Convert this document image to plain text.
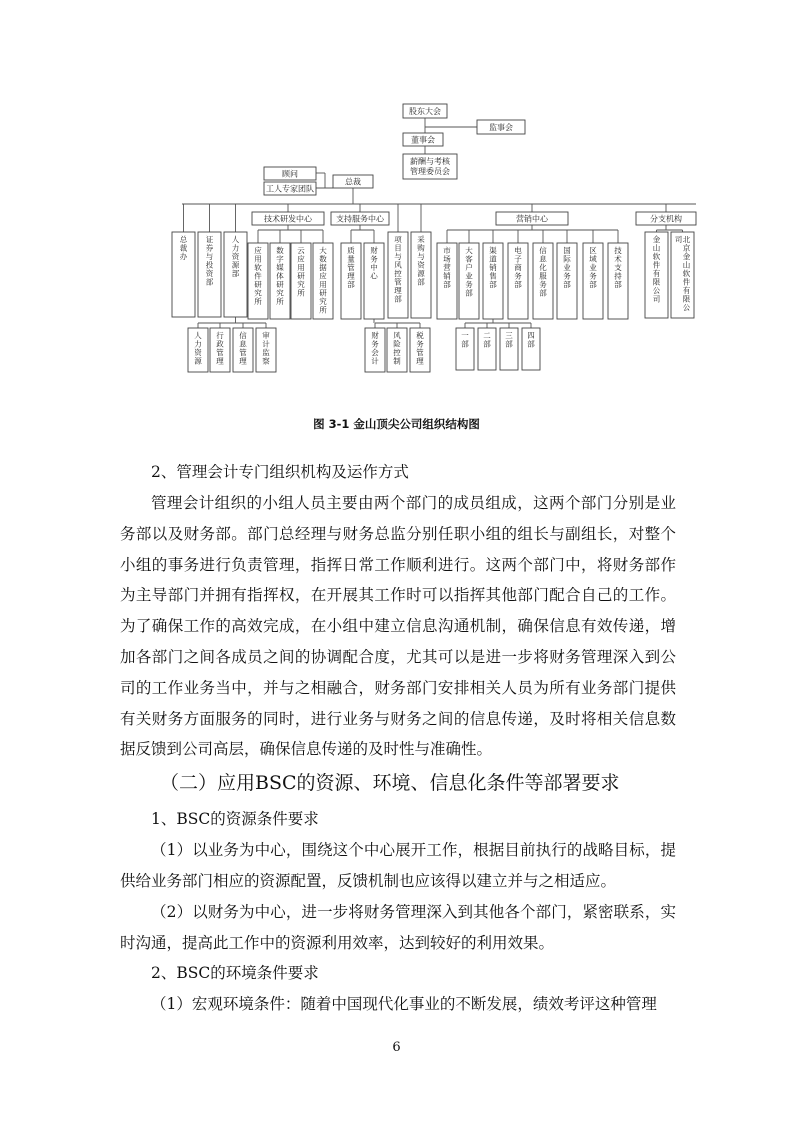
股东大会
监事会
董事会
薪酬与考核
管理委员会
顾问
工人专家团队
总裁
技术研发中心	支持服务中心	营销中心	分支机构
总
裁
办
证
券
与
投
资
部
人
力
资
源
部
应
用
软
件
研
究
所
数
字
媒
体
研
究
所
云
应
用
研
究
所
大
数
据
应
用
研
究
所
质
量
管
理
部
财
务
中
心
项
目
与
风
控
管
理
部
采
购
与
资
源
部
市
场
营
销
部
大
客
户
业
务
部
渠
道
销
售
部
电
子
商
务
部
信
息
化
服
务
部
国
际
业
务
部
区
域
业
务
部
技
术
支
持
部
金
山
软
件
有
限
公
司
北
京
金
山
软
件
有
限
公
司
人
力
资
源
行
政
管
理
信
息
管
理
审
计
监
察
财
务
会
计
风
险
控
制
税
务
管
理
一
部
二
部
三
部
四
部
图 3-1 金山顶尖公司组织结构图

2、管理会计专门组织机构及运作方式

管理会计组织的小组人员主要由两个部门的成员组成，这两个部门分别是业务部以及财务部。部门总经理与财务总监分别任职小组的组长与副组长，对整个小组的事务进行负责管理，指挥日常工作顺利进行。这两个部门中，将财务部作为主导部门并拥有指挥权，在开展其工作时可以指挥其他部门配合自己的工作。为了确保工作的高效完成，在小组中建立信息沟通机制，确保信息有效传递，增加各部门之间各成员之间的协调配合度，尤其可以是进一步将财务管理深入到公司的工作业务当中，并与之相融合，财务部门安排相关人员为所有业务部门提供有关财务方面服务的同时，进行业务与财务之间的信息传递，及时将相关信息数据反馈到公司高层，确保信息传递的及时性与准确性。

（二）应用BSC的资源、环境、信息化条件等部署要求

1、BSC的资源条件要求

（1）以业务为中心，围绕这个中心展开工作，根据目前执行的战略目标，提供给业务部门相应的资源配置，反馈机制也应该得以建立并与之相适应。

（2）以财务为中心，进一步将财务管理深入到其他各个部门，紧密联系，实时沟通，提高此工作中的资源利用效率，达到较好的利用效果。

2、BSC的环境条件要求

（1）宏观环境条件：随着中国现代化事业的不断发展，绩效考评这种管理

6
